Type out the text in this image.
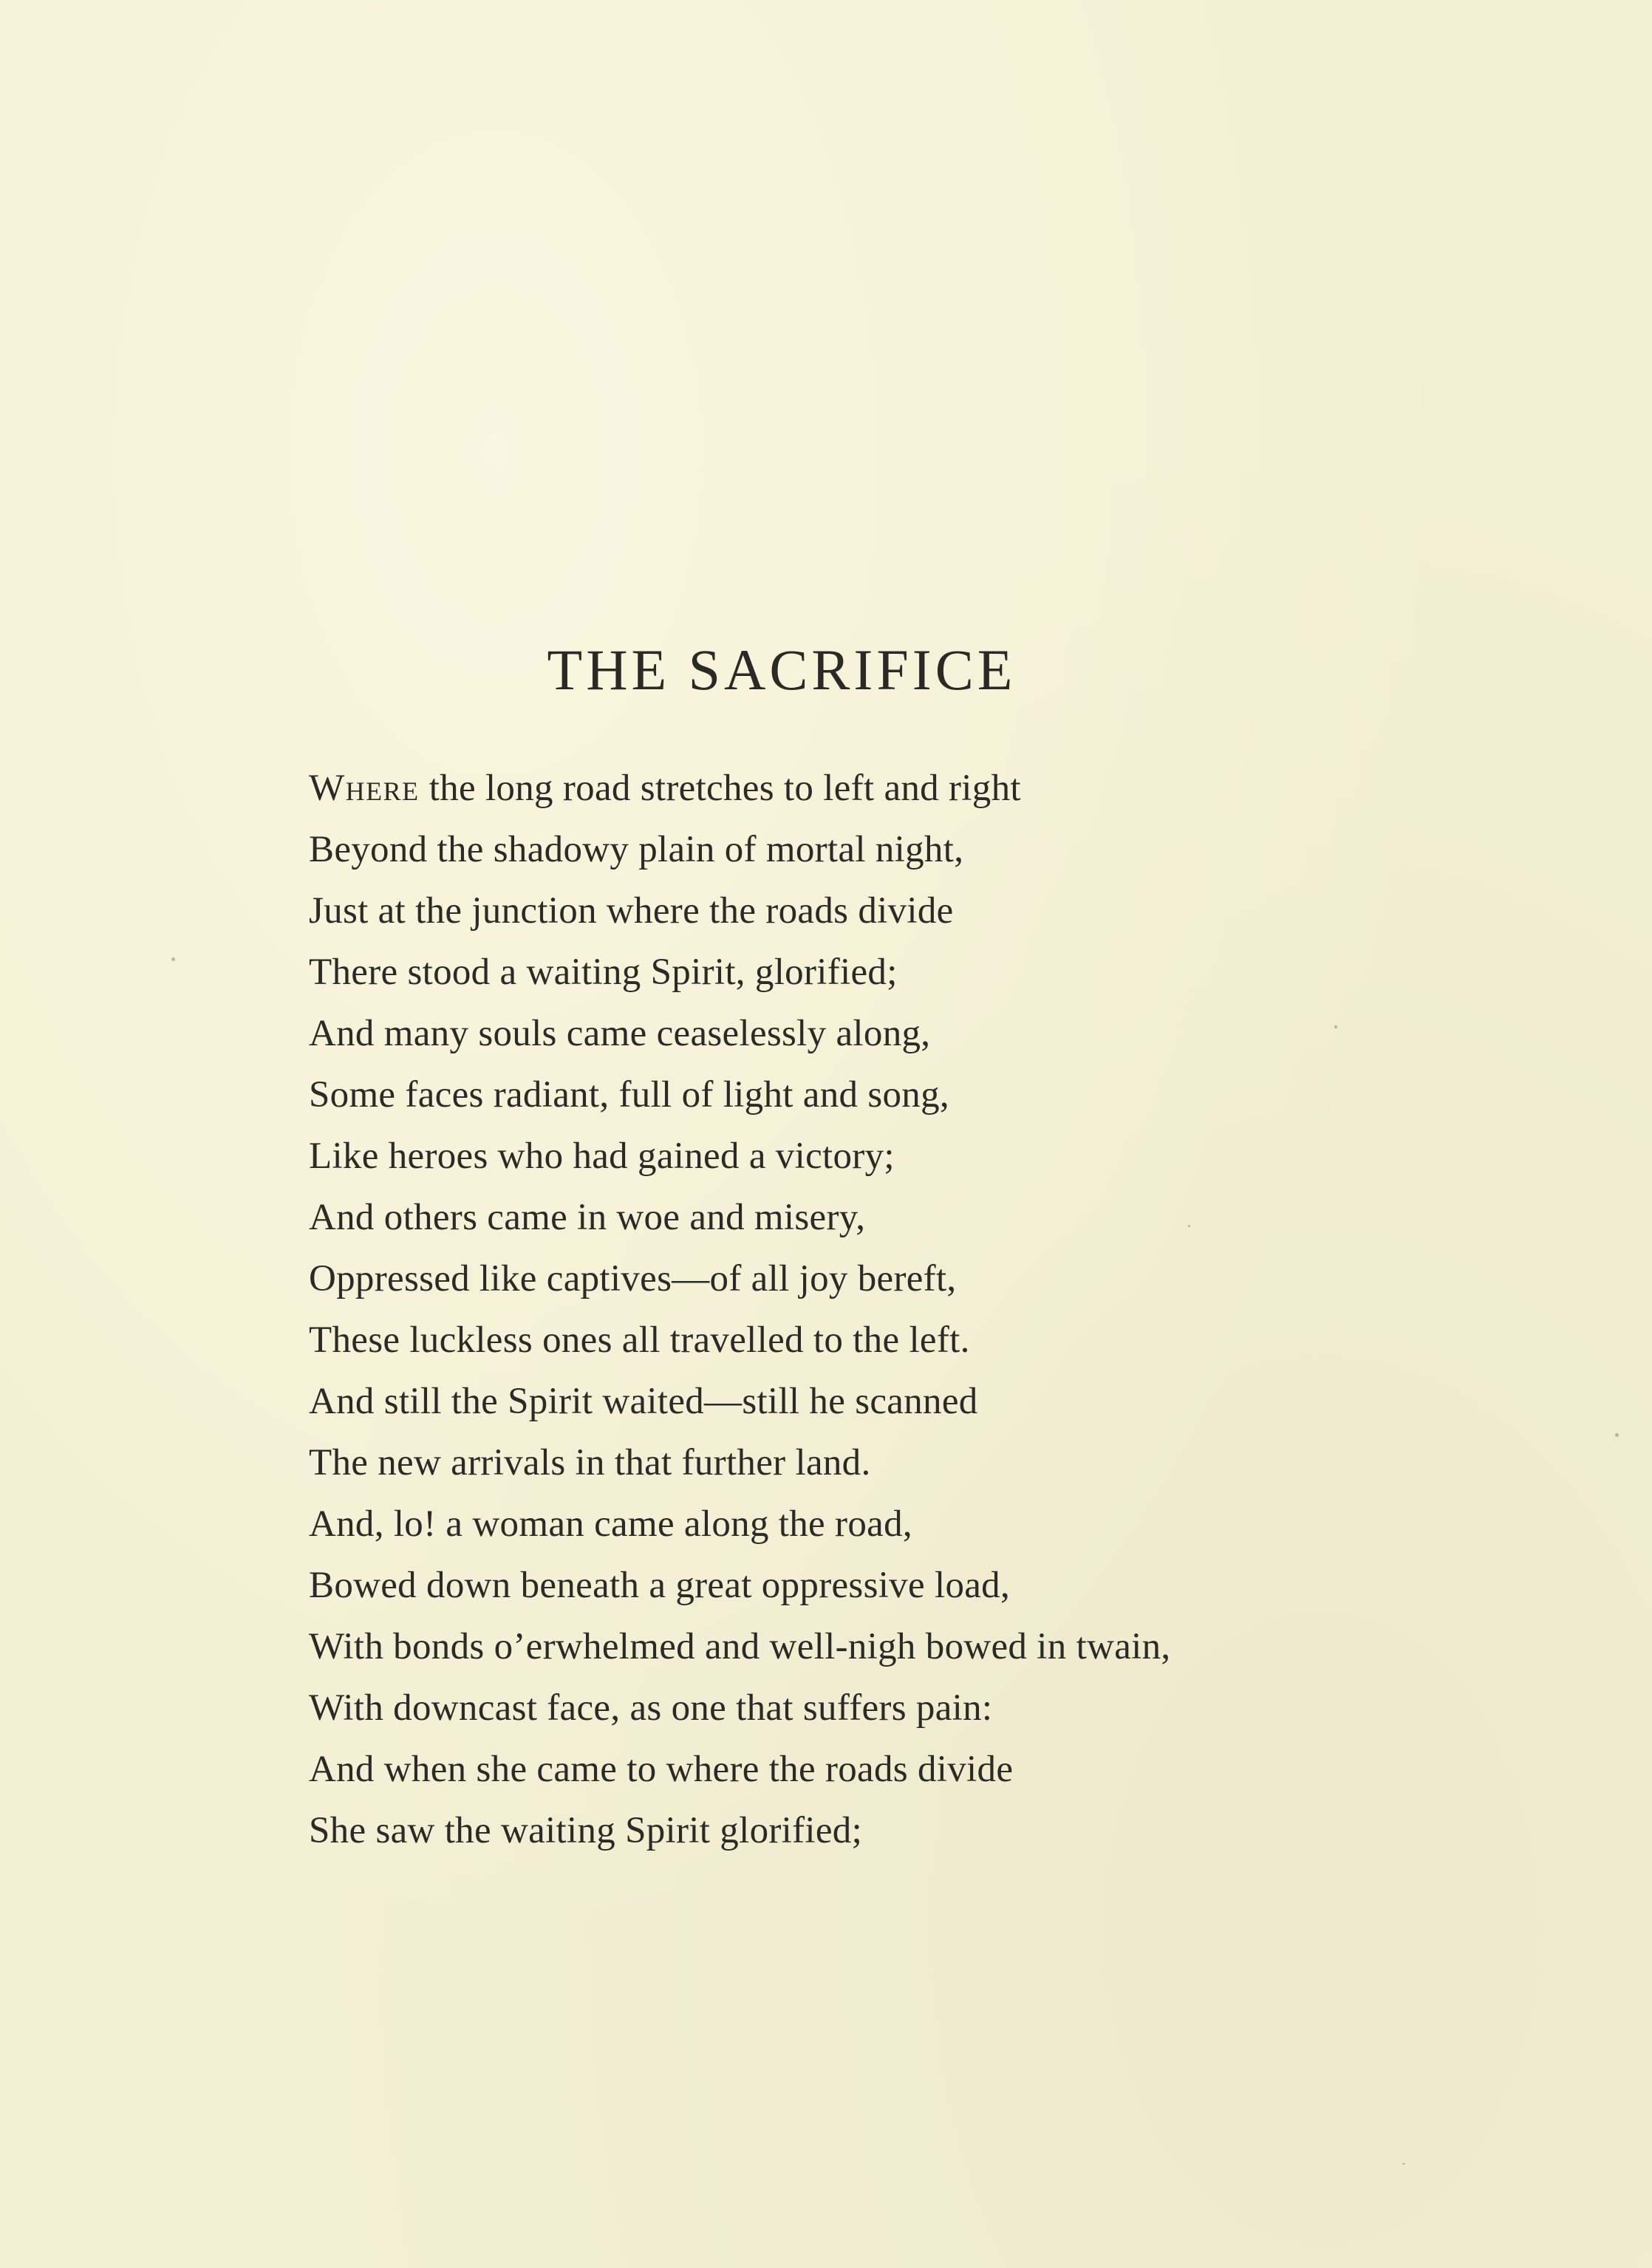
THE SACRIFICE
Where the long road stretches to left and right
Beyond the shadowy plain of mortal night,
Just at the junction where the roads divide
There stood a waiting Spirit, glorified;
And many souls came ceaselessly along,
Some faces radiant, full of light and song,
Like heroes who had gained a victory;
And others came in woe and misery,
Oppressed like captives—of all joy bereft,
These luckless ones all travelled to the left.
And still the Spirit waited—still he scanned
The new arrivals in that further land.
And, lo! a woman came along the road,
Bowed down beneath a great oppressive load,
With bonds o’erwhelmed and well-nigh bowed in twain,
With downcast face, as one that suffers pain:
And when she came to where the roads divide
She saw the waiting Spirit glorified;
